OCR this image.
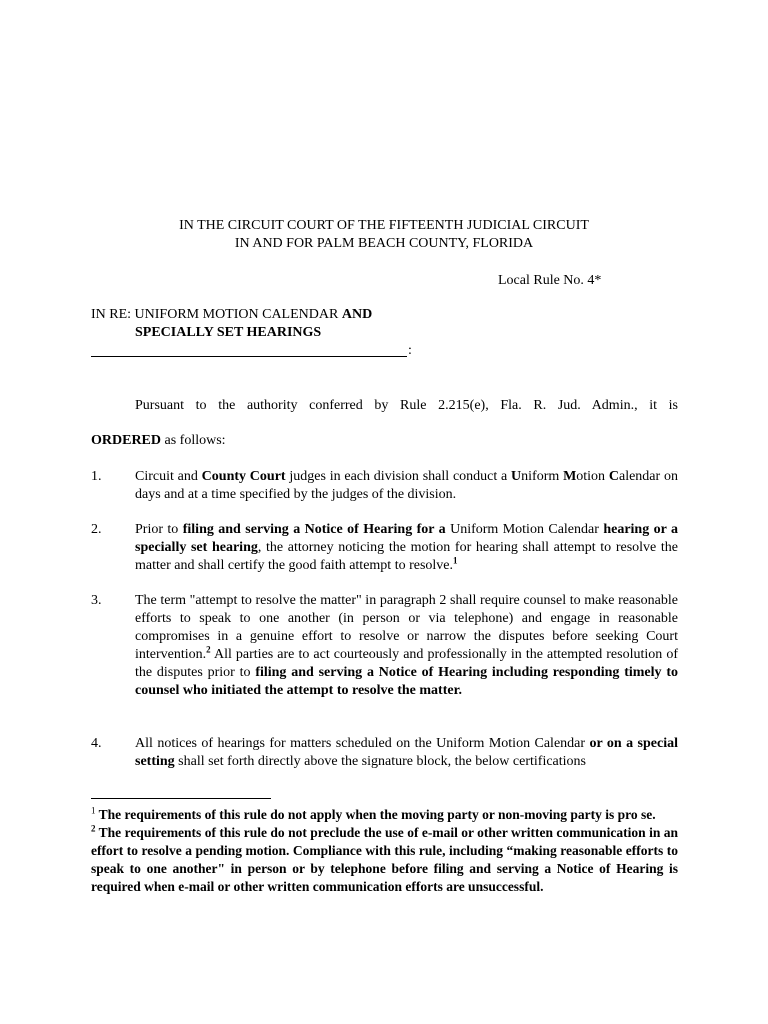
IN THE CIRCUIT COURT OF THE FIFTEENTH JUDICIAL CIRCUIT
IN AND FOR PALM BEACH COUNTY, FLORIDA
Local Rule No. 4*
IN RE: UNIFORM MOTION CALENDAR AND
SPECIALLY SET HEARINGS
:
Pursuant to the authority conferred by Rule 2.215(e), Fla. R. Jud. Admin., it is
ORDERED as follows:
1. Circuit and County Court judges in each division shall conduct a Uniform Motion Calendar on days and at a time specified by the judges of the division.
2. Prior to filing and serving a Notice of Hearing for a Uniform Motion Calendar hearing or a specially set hearing, the attorney noticing the motion for hearing shall attempt to resolve the matter and shall certify the good faith attempt to resolve.$^1$
3. The term "attempt to resolve the matter" in paragraph 2 shall require counsel to make reasonable efforts to speak to one another (in person or via telephone) and engage in reasonable compromises in a genuine effort to resolve or narrow the disputes before seeking Court intervention.$^2$ All parties are to act courteously and professionally in the attempted resolution of the disputes prior to filing and serving a Notice of Hearing including responding timely to counsel who initiated the attempt to resolve the matter.
4. All notices of hearings for matters scheduled on the Uniform Motion Calendar or on a special setting shall set forth directly above the signature block, the below certifications

$^1$ The requirements of this rule do not apply when the moving party or non-moving party is pro se.

$^2$ The requirements of this rule do not preclude the use of e-mail or other written communication in an effort to resolve a pending motion. Compliance with this rule, including “making reasonable efforts to speak to one another" in person or by telephone before filing and serving a Notice of Hearing is required when e-mail or other written communication efforts are unsuccessful.
